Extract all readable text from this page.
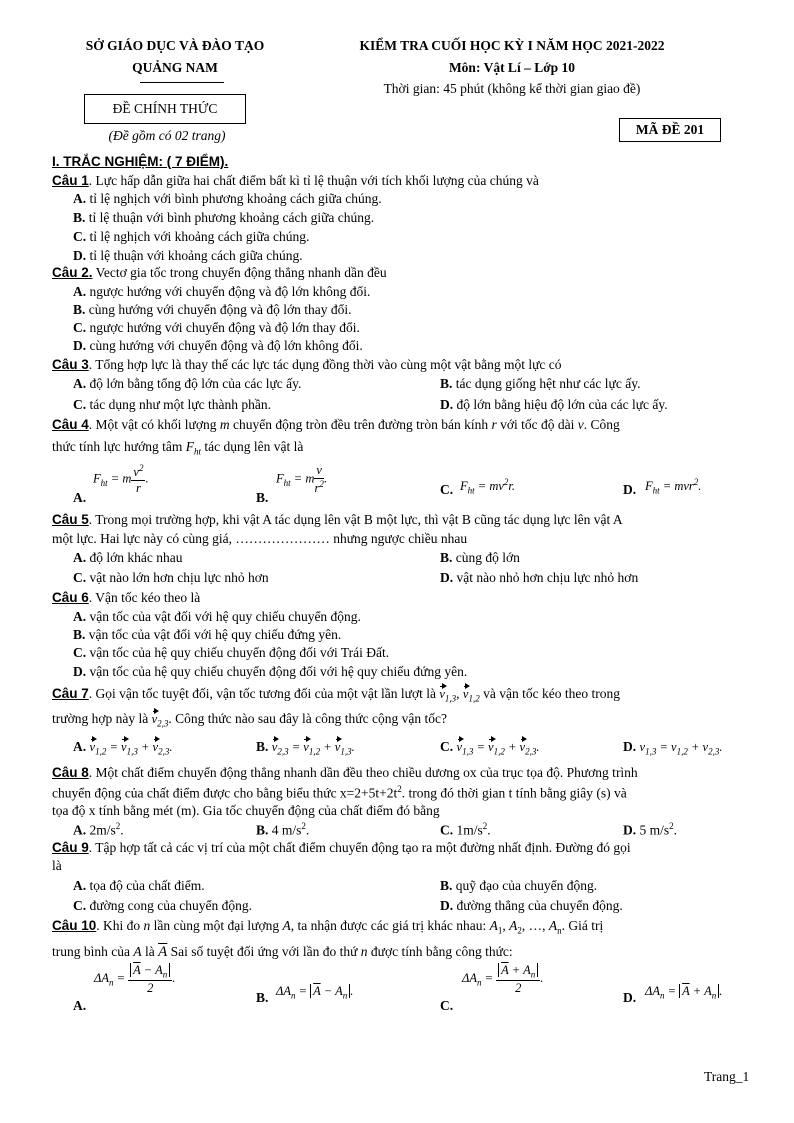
SỞ GIÁO DỤC VÀ ĐÀO TẠO
QUẢNG NAM
ĐỀ CHÍNH THỨC
(Đề gồm có 02 trang)
KIỂM TRA CUỐI HỌC KỲ I NĂM HỌC 2021-2022
Môn: Vật Lí – Lớp 10
Thời gian: 45 phút (không kể thời gian giao đề)
MÃ ĐỀ 201
I. TRẮC NGHIỆM: ( 7 ĐIỂM).
Câu 1. Lực hấp dẫn giữa hai chất điểm bất kì tỉ lệ thuận với tích khối lượng của chúng và
A. tỉ lệ nghịch với bình phương khoảng cách giữa chúng.
B. tỉ lệ thuận với bình phương khoảng cách giữa chúng.
C. tỉ lệ nghịch với khoảng cách giữa chúng.
D. tỉ lệ thuận với khoảng cách giữa chúng.
Câu 2. Vectơ gia tốc trong chuyển động thẳng nhanh dần đều
A. ngược hướng với chuyển động và độ lớn không đổi.
B. cùng hướng với chuyển động và độ lớn thay đổi.
C. ngược hướng với chuyển động và độ lớn thay đổi.
D. cùng hướng với chuyển động và độ lớn không đổi.
Câu 3. Tổng hợp lực là thay thế các lực tác dụng đồng thời vào cùng một vật bằng một lực có
A. độ lớn bằng tổng độ lớn của các lực ấy.	B. tác dụng giống hệt như các lực ấy.
C. tác dụng như một lực thành phần.	D. độ lớn bằng hiệu độ lớn của các lực ấy.
Câu 4. Một vật có khối lượng m chuyển động tròn đều trên đường tròn bán kính r với tốc độ dài v. Công
thức tính lực hướng tâm $F_{ht}$ tác dụng lên vật là
A.
$F_{ht} = m \frac{v^2}{r}$ .
B.
$F_{ht} = m \frac{v}{r^2}$ .
C. $F_{ht} = mv^2r$.	D. $F_{ht} = mvr^2$.
Câu 5. Trong mọi trường hợp, khi vật A tác dụng lên vật B một lực, thì vật B cũng tác dụng lực lên vật A
một lực. Hai lực này có cùng giá, ………………… nhưng ngược chiều nhau
A. độ lớn khác nhau	B. cùng độ lớn
C. vật nào lớn hơn chịu lực nhỏ hơn	D. vật nào nhỏ hơn chịu lực nhỏ hơn
Câu 6. Vận tốc kéo theo là
A. vận tốc của vật đối với hệ quy chiếu chuyển động.
B. vận tốc của vật đối với hệ quy chiếu đứng yên.
C. vận tốc của hệ quy chiếu chuyển động đối với Trái Đất.
D. vận tốc của hệ quy chiếu chuyển động đối với hệ quy chiếu đứng yên.
Câu 7. Gọi vận tốc tuyệt đối, vận tốc tương đối của một vật lần lượt là $v_{1,3}$, $v_{1,2}$ và vận tốc kéo theo trong
trường hợp này là $v_{2,3}$. Công thức nào sau đây là công thức cộng vận tốc?
A. $v_{1,2} = v_{1,3} + v_{2,3}$.	B. $v_{2,3} = v_{1,2} + v_{1,3}$.	C. $v_{1,3} = v_{1,2} + v_{2,3}$.	D. $v_{1,3} = v_{1,2} + v_{2,3}$.
Câu 8. Một chất điểm chuyển động thẳng nhanh dần đều theo chiều dương ox của trục tọa độ. Phương trình
chuyển động của chất điểm được cho bằng biểu thức $x=2+5t+2t^2$. trong đó thời gian t tính bằng giây (s) và
tọa độ x tính bằng mét (m). Gia tốc chuyển động của chất điểm đó bằng
A. $2m/s^2$.	B. 4 $m/s^2$.	C. $1m/s^2$.	D. 5 $m/s^2$.
Câu 9. Tập hợp tất cả các vị trí của một chất điểm chuyển động tạo ra một đường nhất định. Đường đó gọi
là
A. tọa độ của chất điểm.	B. quỹ đạo của chuyển động.
C. đường cong của chuyển động.	D. đường thẳng của chuyển động.
Câu 10. Khi đo n lần cùng một đại lượng A, ta nhận được các giá trị khác nhau: $A_1$, $A_2$, …, $A_n$. Giá trị
trung bình của A là $\overline{A}$ Sai số tuyệt đối ứng với lần đo thứ n được tính bằng công thức:
A.
$\Delta A_n = \frac{\overline{A} - A_n}{2}$ .
B. $\Delta A_n = \overline{A} - A_n$ .
C.
$\Delta A_n = \frac{\overline{A} + A_n}{2}$ .
D. $\Delta A_n = \overline{A} + A_n$ .
Trang_1
